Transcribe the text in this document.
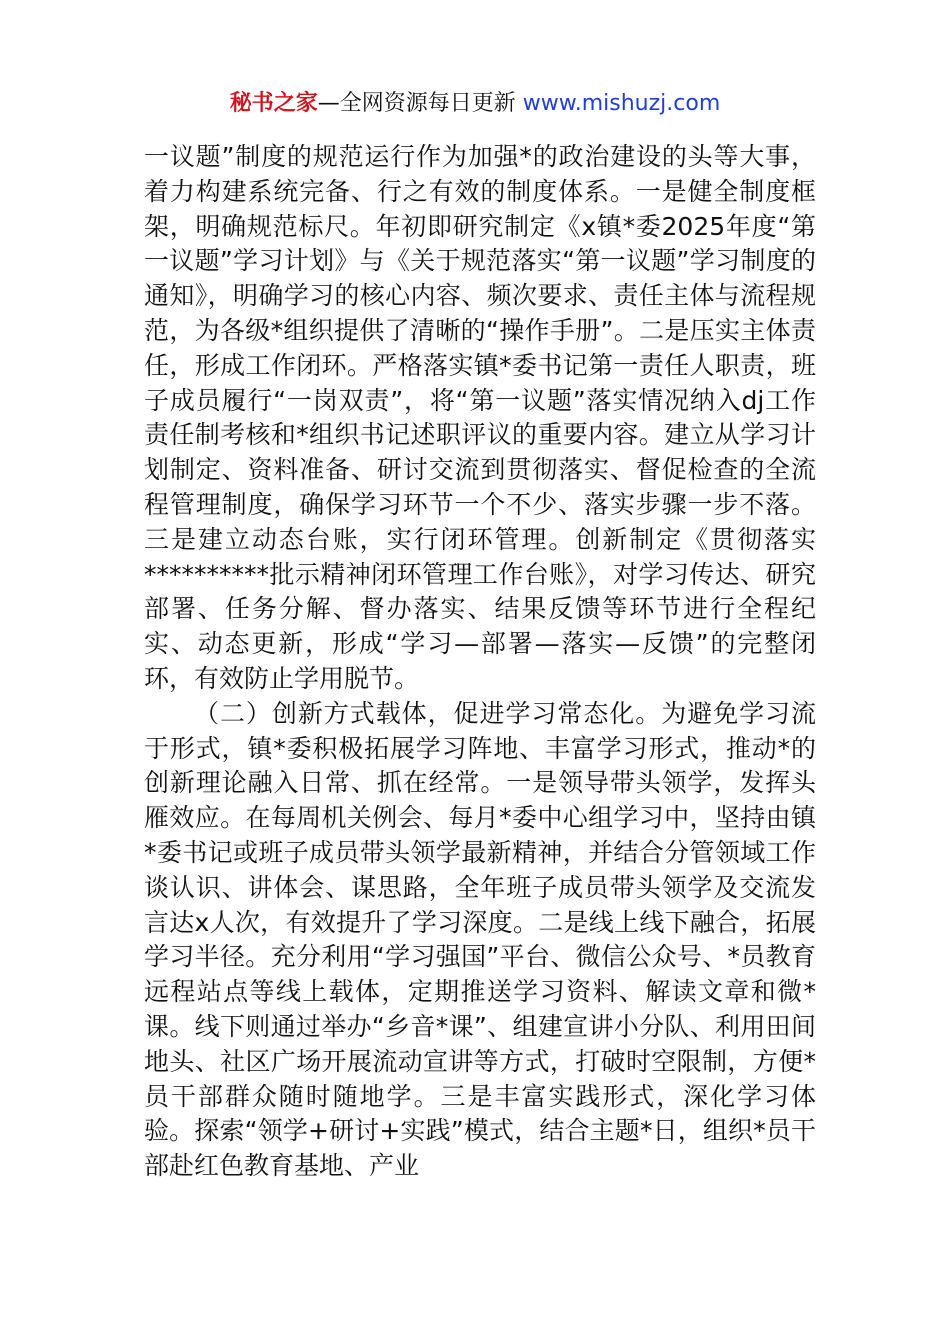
秘书之家—全网资源每日更新 www.mishuzj.com

一议题”制度的规范运行作为加强*的政治建设的头等大事，着力构建系统完备、行之有效的制度体系。一是健全制度框架，明确规范标尺。年初即研究制定《x镇*委2025年度“第一议题”学习计划》与《关于规范落实“第一议题”学习制度的通知》，明确学习的核心内容、频次要求、责任主体与流程规范，为各级*组织提供了清晰的“操作手册”。二是压实主体责任，形成工作闭环。严格落实镇*委书记第一责任人职责，班子成员履行“一岗双责”，将“第一议题”落实情况纳入dj工作责任制考核和*组织书记述职评议的重要内容。建立从学习计划制定、资料准备、研讨交流到贯彻落实、督促检查的全流程管理制度，确保学习环节一个不少、落实步骤一步不落。三是建立动态台账，实行闭环管理。创新制定《贯彻落实**********批示精神闭环管理工作台账》，对学习传达、研究部署、任务分解、督办落实、结果反馈等环节进行全程纪实、动态更新，形成“学习—部署—落实—反馈”的完整闭环，有效防止学用脱节。

（二）创新方式载体，促进学习常态化。为避免学习流于形式，镇*委积极拓展学习阵地、丰富学习形式，推动*的创新理论融入日常、抓在经常。一是领导带头领学，发挥头雁效应。在每周机关例会、每月*委中心组学习中，坚持由镇*委书记或班子成员带头领学最新精神，并结合分管领域工作谈认识、讲体会、谋思路，全年班子成员带头领学及交流发言达x人次，有效提升了学习深度。二是线上线下融合，拓展学习半径。充分利用“学习强国”平台、微信公众号、*员教育远程站点等线上载体，定期推送学习资料、解读文章和微*课。线下则通过举办“乡音*课”、组建宣讲小分队、利用田间地头、社区广场开展流动宣讲等方式，打破时空限制，方便*员干部群众随时随地学。三是丰富实践形式，深化学习体验。探索“领学+研讨+实践”模式，结合主题*日，组织*员干部赴红色教育基地、产业
